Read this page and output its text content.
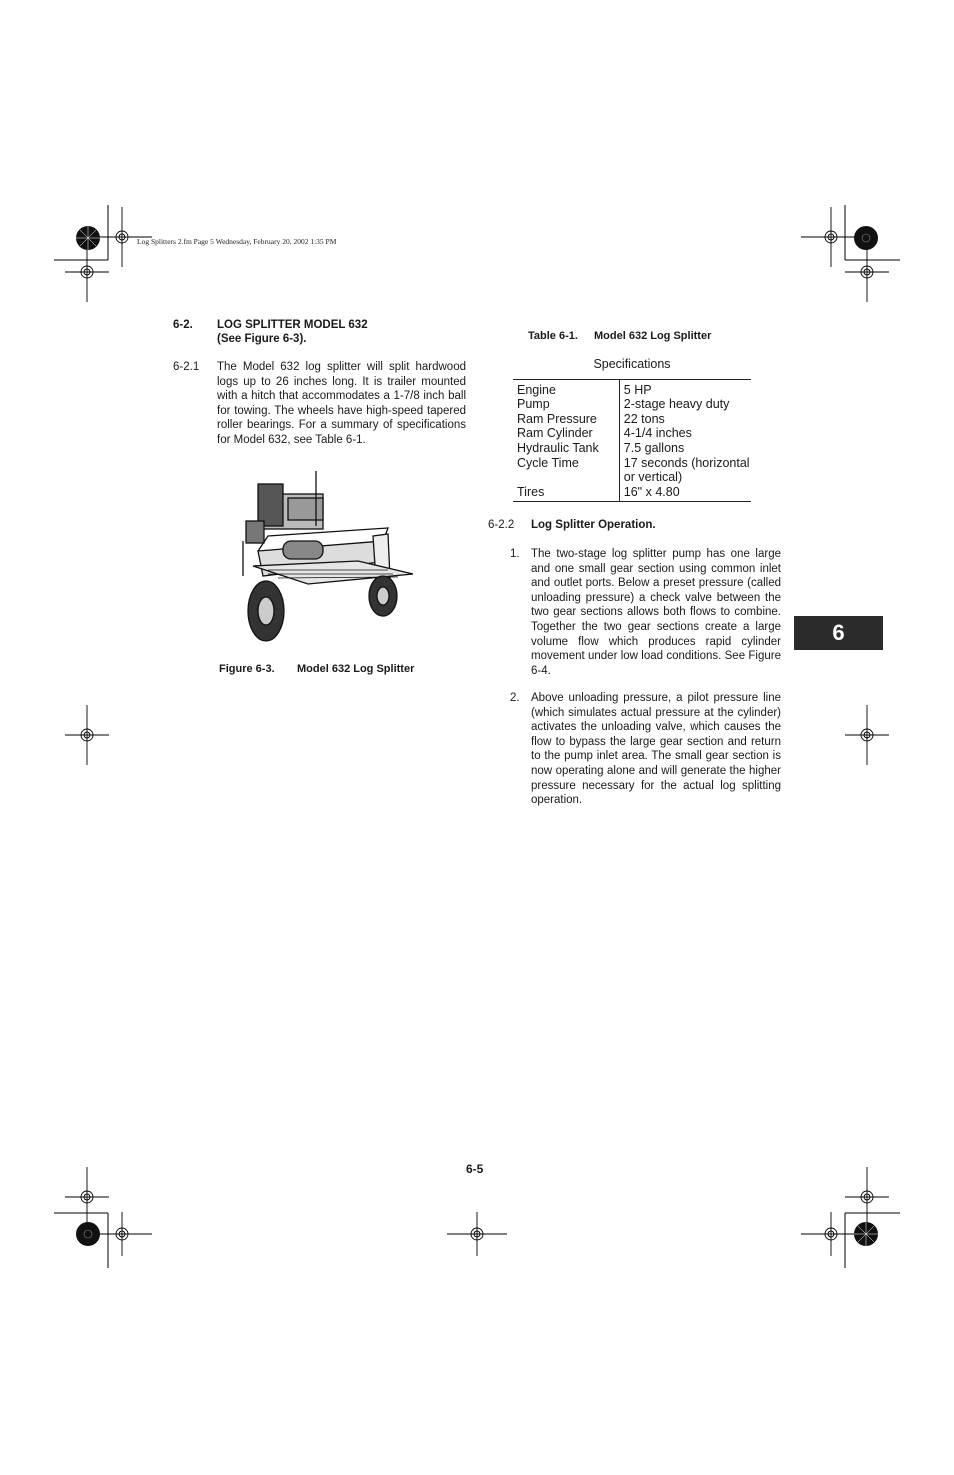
Log Splitters 2.fm Page 5 Wednesday, February 20, 2002 1:35 PM
6-2. LOG SPLITTER MODEL 632
(See Figure 6-3).
6-2.1 The Model 632 log splitter will split hardwood logs up to 26 inches long. It is trailer mounted with a hitch that accommodates a 1-7/8 inch ball for towing. The wheels have high-speed tapered roller bearings. For a summary of specifications for Model 632, see Table 6-1.
Figure 6-3. Model 632 Log Splitter
Table 6-1. Model 632 Log Splitter
Specifications	
Engine	5 HP
Pump	2-stage heavy duty
Ram Pressure	22 tons
Ram Cylinder	4-1/4 inches
Hydraulic Tank	7.5 gallons
Cycle Time	17 seconds (horizontal or vertical)
Tires	16" x 4.80
6-2.2 Log Splitter Operation.
1. The two-stage log splitter pump has one large and one small gear section using common inlet and outlet ports. Below a preset pressure (called unloading pressure) a check valve between the two gear sections allows both flows to combine. Together the two gear sections create a large volume flow which produces rapid cylinder movement under low load conditions. See Figure 6-4.
2. Above unloading pressure, a pilot pressure line (which simulates actual pressure at the cylinder) activates the unloading valve, which causes the flow to bypass the large gear section and return to the pump inlet area. The small gear section is now operating alone and will generate the higher pressure necessary for the actual log splitting operation.
6
6-5
